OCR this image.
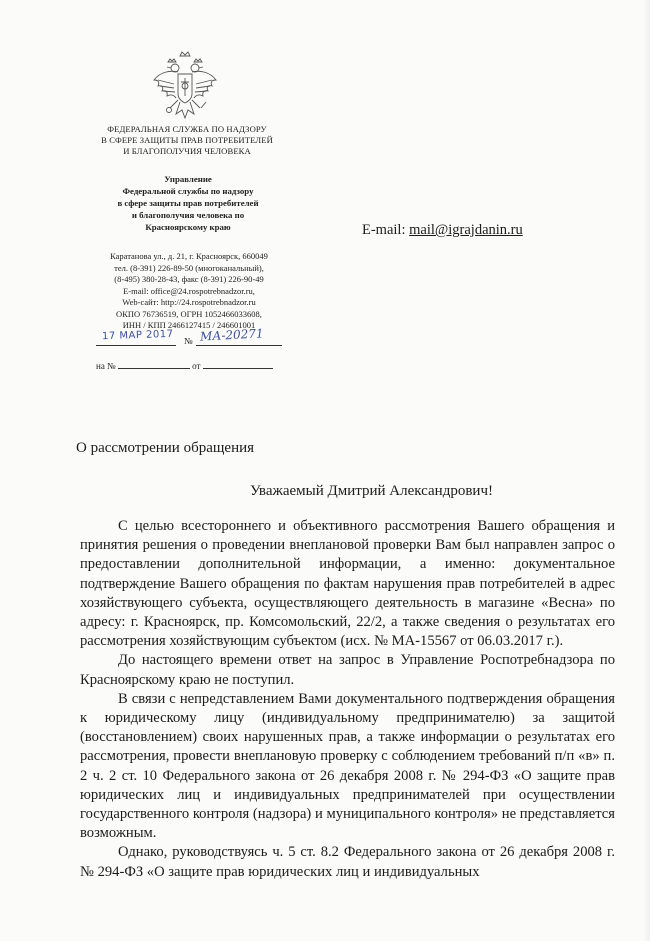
ФЕДЕРАЛЬНАЯ СЛУЖБА ПО НАДЗОРУ
В СФЕРЕ ЗАЩИТЫ ПРАВ ПОТРЕБИТЕЛЕЙ
И БЛАГОПОЛУЧИЯ ЧЕЛОВЕКА
Управление
Федеральной службы по надзору
в сфере защиты прав потребителей
и благополучия человека по
Красноярскому краю
Каратанова ул., д. 21, г. Красноярск, 660049
тел. (8-391) 226-89-50 (многоканальный),
(8-495) 380-28-43, факс (8-391) 226-90-49
E-mail: office@24.rospotrebnadzor.ru,
Web-сайт: http://24.rospotrebnadzor.ru
ОКПО 76736519, ОГРН 1052466033608,
ИНН / КПП 2466127415 / 246601001
17 МАР 2017 № МА-20271
на №	от
E-mail: mail@igrajdanin.ru
О рассмотрении обращения
Уважаемый Дмитрий Александрович!

С целью всестороннего и объективного рассмотрения Вашего обращения и принятия решения о проведении внеплановой проверки Вам был направлен запрос о предоставлении дополнительной информации, а именно: документальное подтверждение Вашего обращения по фактам нарушения прав потребителей в адрес хозяйствующего субъекта, осуществляющего деятельность в магазине «Весна» по адресу: г. Красноярск, пр. Комсомольский, 22/2, а также сведения о результатах его рассмотрения хозяйствующим субъектом (исх. № МА-15567 от 06.03.2017 г.).

До настоящего времени ответ на запрос в Управление Роспотребнадзора по Красноярскому краю не поступил.

В связи с непредставлением Вами документального подтверждения обращения к юридическому лицу (индивидуальному предпринимателю) за защитой (восстановлением) своих нарушенных прав, а также информации о результатах его рассмотрения, провести внеплановую проверку с соблюдением требований п/п «в» п. 2 ч. 2 ст. 10 Федерального закона от 26 декабря 2008 г. № 294-ФЗ «О защите прав юридических лиц и индивидуальных предпринимателей при осуществлении государственного контроля (надзора) и муниципального контроля» не представляется возможным.

Однако, руководствуясь ч. 5 ст. 8.2 Федерального закона от 26 декабря 2008 г. № 294-ФЗ «О защите прав юридических лиц и индивидуальных
